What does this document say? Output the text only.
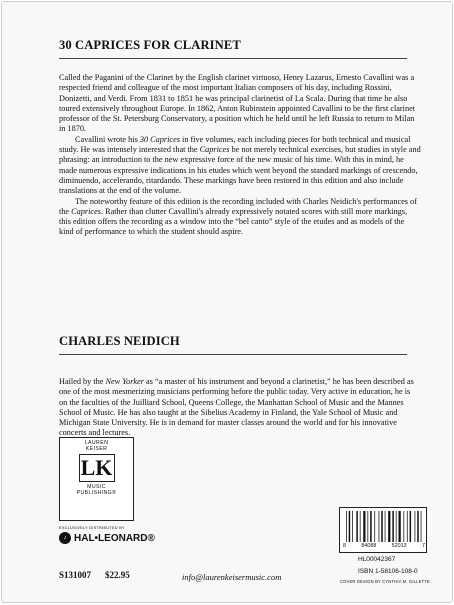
30 CAPRICES FOR CLARINET

Called the Paganini of the Clarinet by the English clarinet virtuoso, Henry Lazarus, Ernesto Cavallini was a respected friend and colleague of the most important Italian composers of his day, including Rossini, Donizetti, and Verdi. From 1831 to 1851 he was principal clarinetist of La Scala. During that time he also toured extensively throughout Europe. In 1862, Anton Rubinstein appointed Cavallini to be the first clarinet professor of the St. Petersburg Conservatory, a position which he held until he left Russia to return to Milan in 1870.

Cavallini wrote his 30 Caprices in five volumes, each including pieces for both technical and musical study. He was intensely interested that the Caprices be not merely technical exercises, but studies in style and phrasing: an introduction to the new expressive force of the new music of his time. With this in mind, he made numerous expressive indications in his etudes which went beyond the standard markings of crescendo, diminuendo, accelerando, ritardando. These markings have been restored in this edition and also include translations at the end of the volume.

The noteworthy feature of this edition is the recording included with Charles Neidich's performances of the Caprices. Rather than clutter Cavallini's already expressively notated scores with still more markings, this edition offers the recording as a window into the “bel canto” style of the etudes and as models of the kind of performance to which the student should aspire.

CHARLES NEIDICH

Hailed by the New Yorker as “a master of his instrument and beyond a clarinetist,” he has been described as one of the most mesmerizing musicians performing before the public today. Very active in education, he is on the faculties of the Juilliard School, Queens College, the Manhattan School of Music and the Mannes School of Music. He has also taught at the Sibelius Academy in Finland, the Yale School of Music and Michigan State University. He is in demand for master classes around the world and for his innovative concerts and lectures.

LAUREN
KEISER
LK
MUSIC
PUBLISHING®
EXCLUSIVELY DISTRIBUTED BY
♪ HAL•LEONARD®
S131007 $22.95	info@laurenkeisermusic.com
8	84088	52013	7
HL00042367
ISBN 1-58106-108-0
COVER DESIGN BY CYNTHIA M. GILLETTE
